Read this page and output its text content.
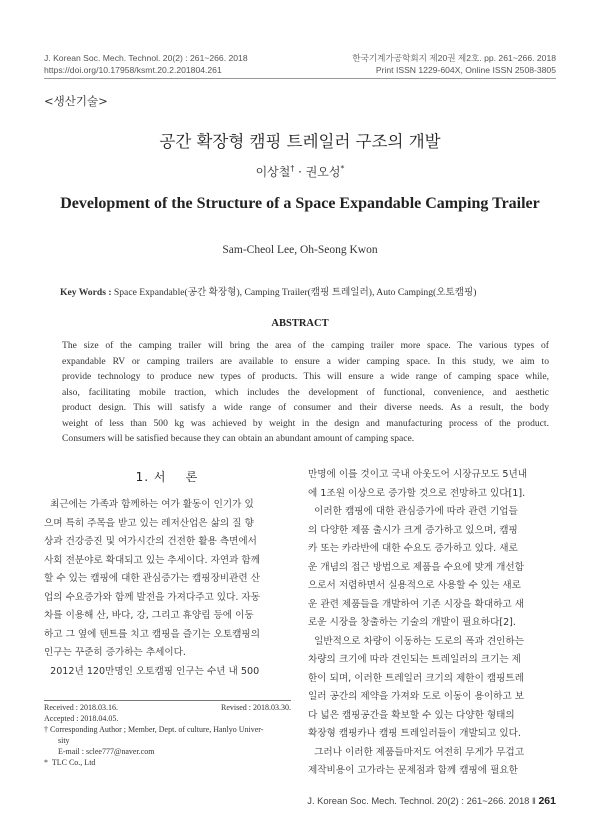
J. Korean Soc. Mech. Technol. 20(2) : 261~266. 2018
https://doi.org/10.17958/ksmt.20.2.201804.261
한국기계가공학회지 제20권 제2호. pp. 261~266. 2018
Print ISSN 1229-604X, Online ISSN 2508-3805
<생산기술>
공간 확장형 캠핑 트레일러 구조의 개발
이상철† · 권오성*
Development of the Structure of a Space Expandable Camping Trailer
Sam-Cheol Lee, Oh-Seong Kwon
Key Words : Space Expandable(공간 확장형), Camping Trailer(캠핑 트레일러), Auto Camping(오토캠핑)
ABSTRACT
The size of the camping trailer will bring the area of the camping trailer more space. The various types of
expandable RV or camping trailers are available to ensure a wider camping space. In this study, we aim to
provide technology to produce new types of products. This will ensure a wide range of camping space while,
also, facilitating mobile traction, which includes the development of functional, convenience, and aesthetic
product design. This will satisfy a wide range of consumer and their diverse needs. As a result, the body
weight of less than 500 kg was achieved by weight in the design and manufacturing process of the product.
Consumers will be satisfied because they can obtain an abundant amount of camping space.
1. 서    론
최근에는 가족과 함께하는 여가 활동이 인기가 있
으며 특히 주목을 받고 있는 레저산업은 삶의 질 향
상과 건강증진 및 여가시간의 건전한 활용 측면에서
사회 전분야로 확대되고 있는 추세이다. 자연과 함께
할 수 있는 캠핑에 대한 관심증가는 캠핑장비관련 산
업의 수요증가와 함께 발전을 가져다주고 있다. 자동
차를 이용해 산, 바다, 강, 그리고 휴양림 등에 이동
하고 그 옆에 텐트를 치고 캠핑을 즐기는 오토캠핑의
인구는 꾸준히 증가하는 추세이다.
2012년 120만명인 오토캠핑 인구는 수년 내 500
만명에 이를 것이고 국내 아웃도어 시장규모도 5년내
에 1조원 이상으로 증가할 것으로 전망하고 있다[1].
이러한 캠핑에 대한 관심증가에 따라 관련 기업들
의 다양한 제품 출시가 크게 증가하고 있으며, 캠핑
카 또는 카라반에 대한 수요도 증가하고 있다. 새로
운 개념의 접근 방법으로 제품을 수요에 맞게 개선함
으로서 저렴하면서 실용적으로 사용할 수 있는 새로
운 관련 제품들을 개발하여 기존 시장을 확대하고 새
로운 시장을 창출하는 기술의 개발이 필요하다[2].
일반적으로 차량이 이동하는 도로의 폭과 견인하는
차량의 크기에 따라 견인되는 트레일러의 크기는 제
한이 되며, 이러한 트레일러 크기의 제한이 캠핑트레
일러 공간의 제약을 가져와 도로 이동이 용이하고 보
다 넓은 캠핑공간을 확보할 수 있는 다양한 형태의
확장형 캠핑카나 캠핑 트레일러들이 개발되고 있다.
그러나 이러한 제품들마저도 여전히 무게가 무겁고
제작비용이 고가라는 문제점과 함께 캠핑에 필요한
Received : 2018.03.16.	Revised : 2018.03.30.
Accepted : 2018.04.05.
† Corresponding Author ; Member, Dept. of culture, Hanlyo Univer-
sity
E-mail : sclee777@naver.com
*  TLC Co., Ltd
J. Korean Soc. Mech. Technol. 20(2) : 261~266. 2018 ‖ 261
